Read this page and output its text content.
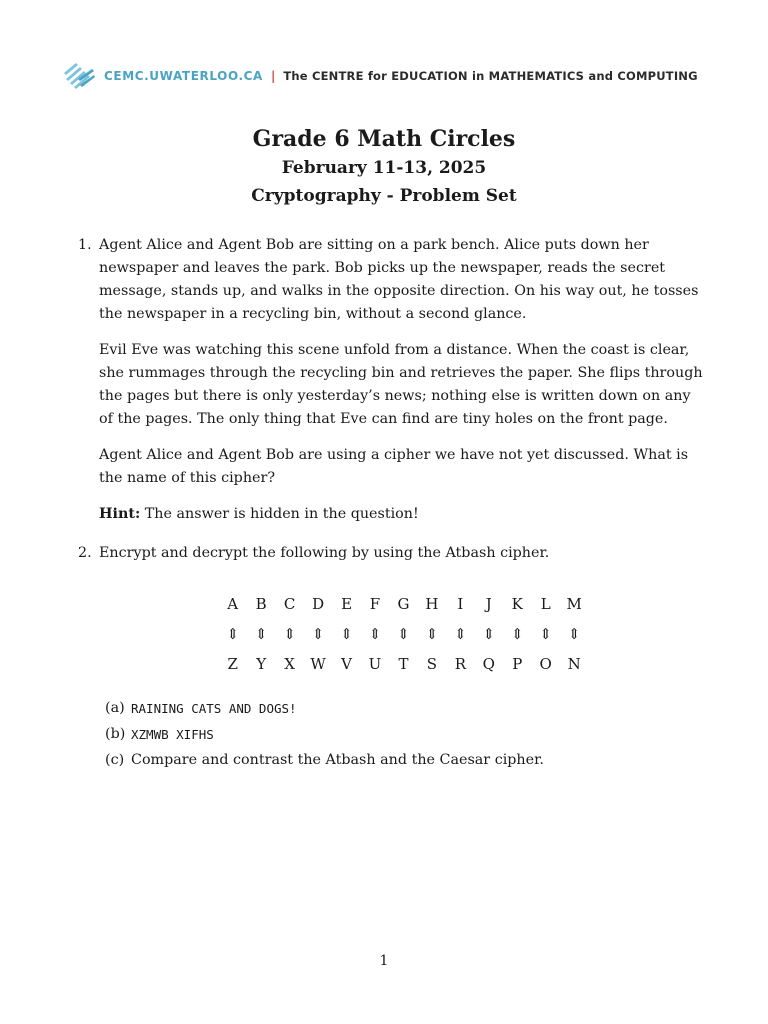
CEMC.UWATERLOO.CA | The CENTRE for EDUCATION in MATHEMATICS and COMPUTING
Grade 6 Math Circles
February 11-13, 2025
Cryptography - Problem Set
1. Agent Alice and Agent Bob are sitting on a park bench. Alice puts down her newspaper and leaves the park. Bob picks up the newspaper, reads the secret message, stands up, and walks in the opposite direction. On his way out, he tosses the newspaper in a recycling bin, without a second glance.

Evil Eve was watching this scene unfold from a distance. When the coast is clear, she rummages through the recycling bin and retrieves the paper. She flips through the pages but there is only yesterday’s news; nothing else is written down on any of the pages. The only thing that Eve can find are tiny holes on the front page.

Agent Alice and Agent Bob are using a cipher we have not yet discussed. What is the name of this cipher?

Hint: The answer is hidden in the question!

2. Encrypt and decrypt the following by using the Atbash cipher.
A	B	C	D	E	F	G	H	I	J	K	L	M
⇕	⇕	⇕	⇕	⇕	⇕	⇕	⇕	⇕	⇕	⇕	⇕	⇕
Z	Y	X	W	V	U	T	S	R	Q	P	O	N
(a) RAINING CATS AND DOGS!
(b) XZMWB XIFHS
(c) Compare and contrast the Atbash and the Caesar cipher.
1
